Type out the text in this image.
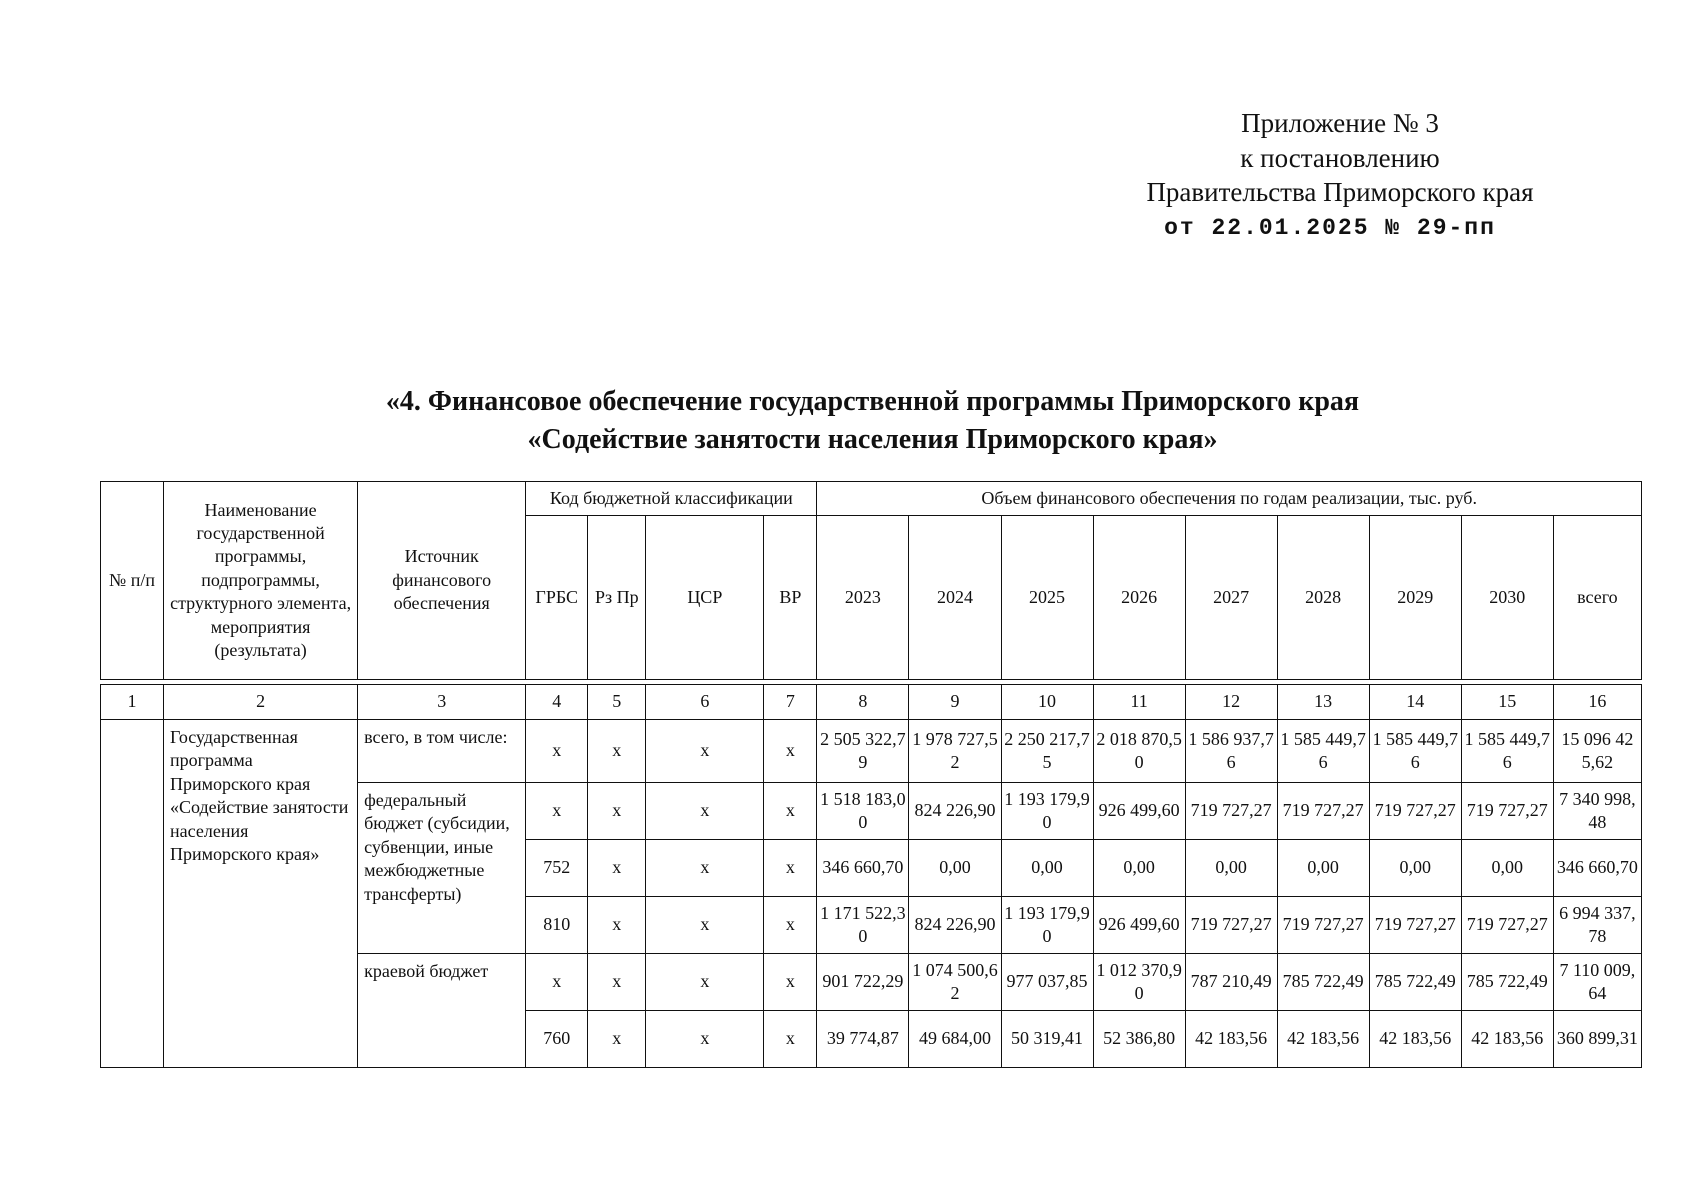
Приложение № 3
к постановлению
Правительства Приморского края
от 22.01.2025 № 29-пп
«4. Финансовое обеспечение государственной программы Приморского края
«Содействие занятости населения Приморского края»
№ п/п	Наименование государственной программы, подпрограммы, структурного элемента, мероприятия (результата)	Источник финансового обеспечения	Код бюджетной классификации				Объем финансового обеспечения по годам реализации, тыс. руб.								
			ГРБС	Рз Пр	ЦСР	ВР	2023	2024	2025	2026	2027	2028	2029	2030	всего

1	2	3	4	5	6	7	8	9	10	11	12	13	14	15	16
	Государственная программа Приморского края «Содействие занятости населения Приморского края»	всего, в том числе:	x	x	x	x	2 505 322,79	1 978 727,52	2 250 217,75	2 018 870,50	1 586 937,76	1 585 449,76	1 585 449,76	1 585 449,76	15 096 425,62
		федеральный бюджет (субсидии, субвенции, иные межбюджетные трансферты)	x	x	x	x	1 518 183,00	824 226,90	1 193 179,90	926 499,60	719 727,27	719 727,27	719 727,27	719 727,27	7 340 998,48
			752	x	x	x	346 660,70	0,00	0,00	0,00	0,00	0,00	0,00	0,00	346 660,70
			810	x	x	x	1 171 522,30	824 226,90	1 193 179,90	926 499,60	719 727,27	719 727,27	719 727,27	719 727,27	6 994 337,78
		краевой бюджет	x	x	x	x	901 722,29	1 074 500,62	977 037,85	1 012 370,90	787 210,49	785 722,49	785 722,49	785 722,49	7 110 009,64
			760	x	x	x	39 774,87	49 684,00	50 319,41	52 386,80	42 183,56	42 183,56	42 183,56	42 183,56	360 899,31
